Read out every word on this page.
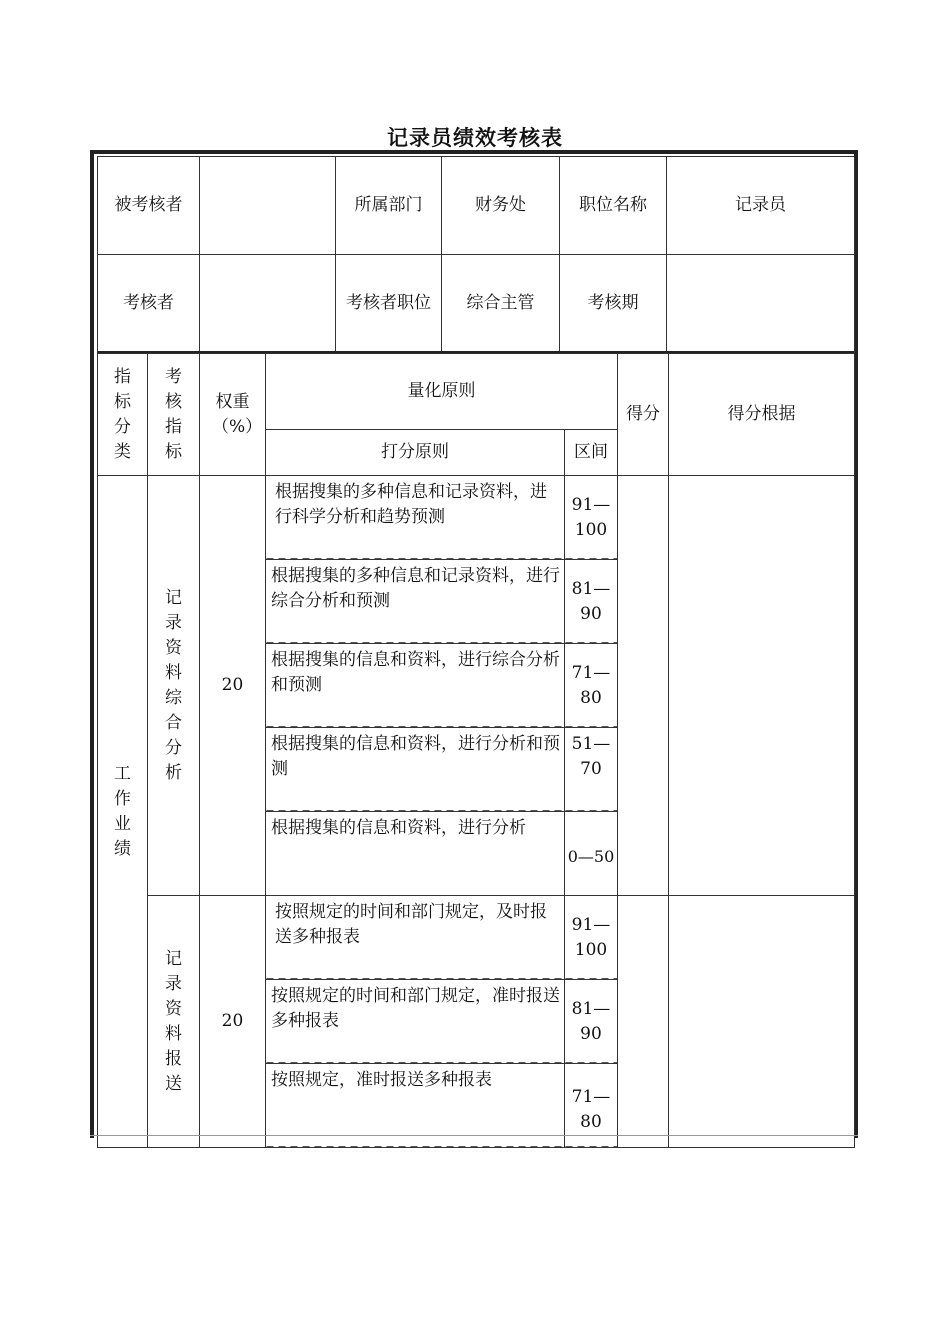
记录员绩效考核表
被考核者		所属部门	财务处	职位名称	记录员
考核者		考核者职位	综合主管	考核期	
指标分类	考核指标	权重（%）	量化原则		得分	得分根据
			打分原则	区间		
工作业绩	记录资料综合分析	20	根据搜集的多种信息和记录资料，进行科学分析和趋势预测	91—100		
			根据搜集的多种信息和记录资料，进行综合分析和预测	81—90		
			根据搜集的信息和资料，进行综合分析和预测	71—80		
			根据搜集的信息和资料，进行分析和预测	51—70		
			根据搜集的信息和资料，进行分析	0—50		
	记录资料报送	20	按照规定的时间和部门规定，及时报送多种报表	91—100		
			按照规定的时间和部门规定，准时报送多种报表	81—90		
			按照规定，准时报送多种报表	71—80		
